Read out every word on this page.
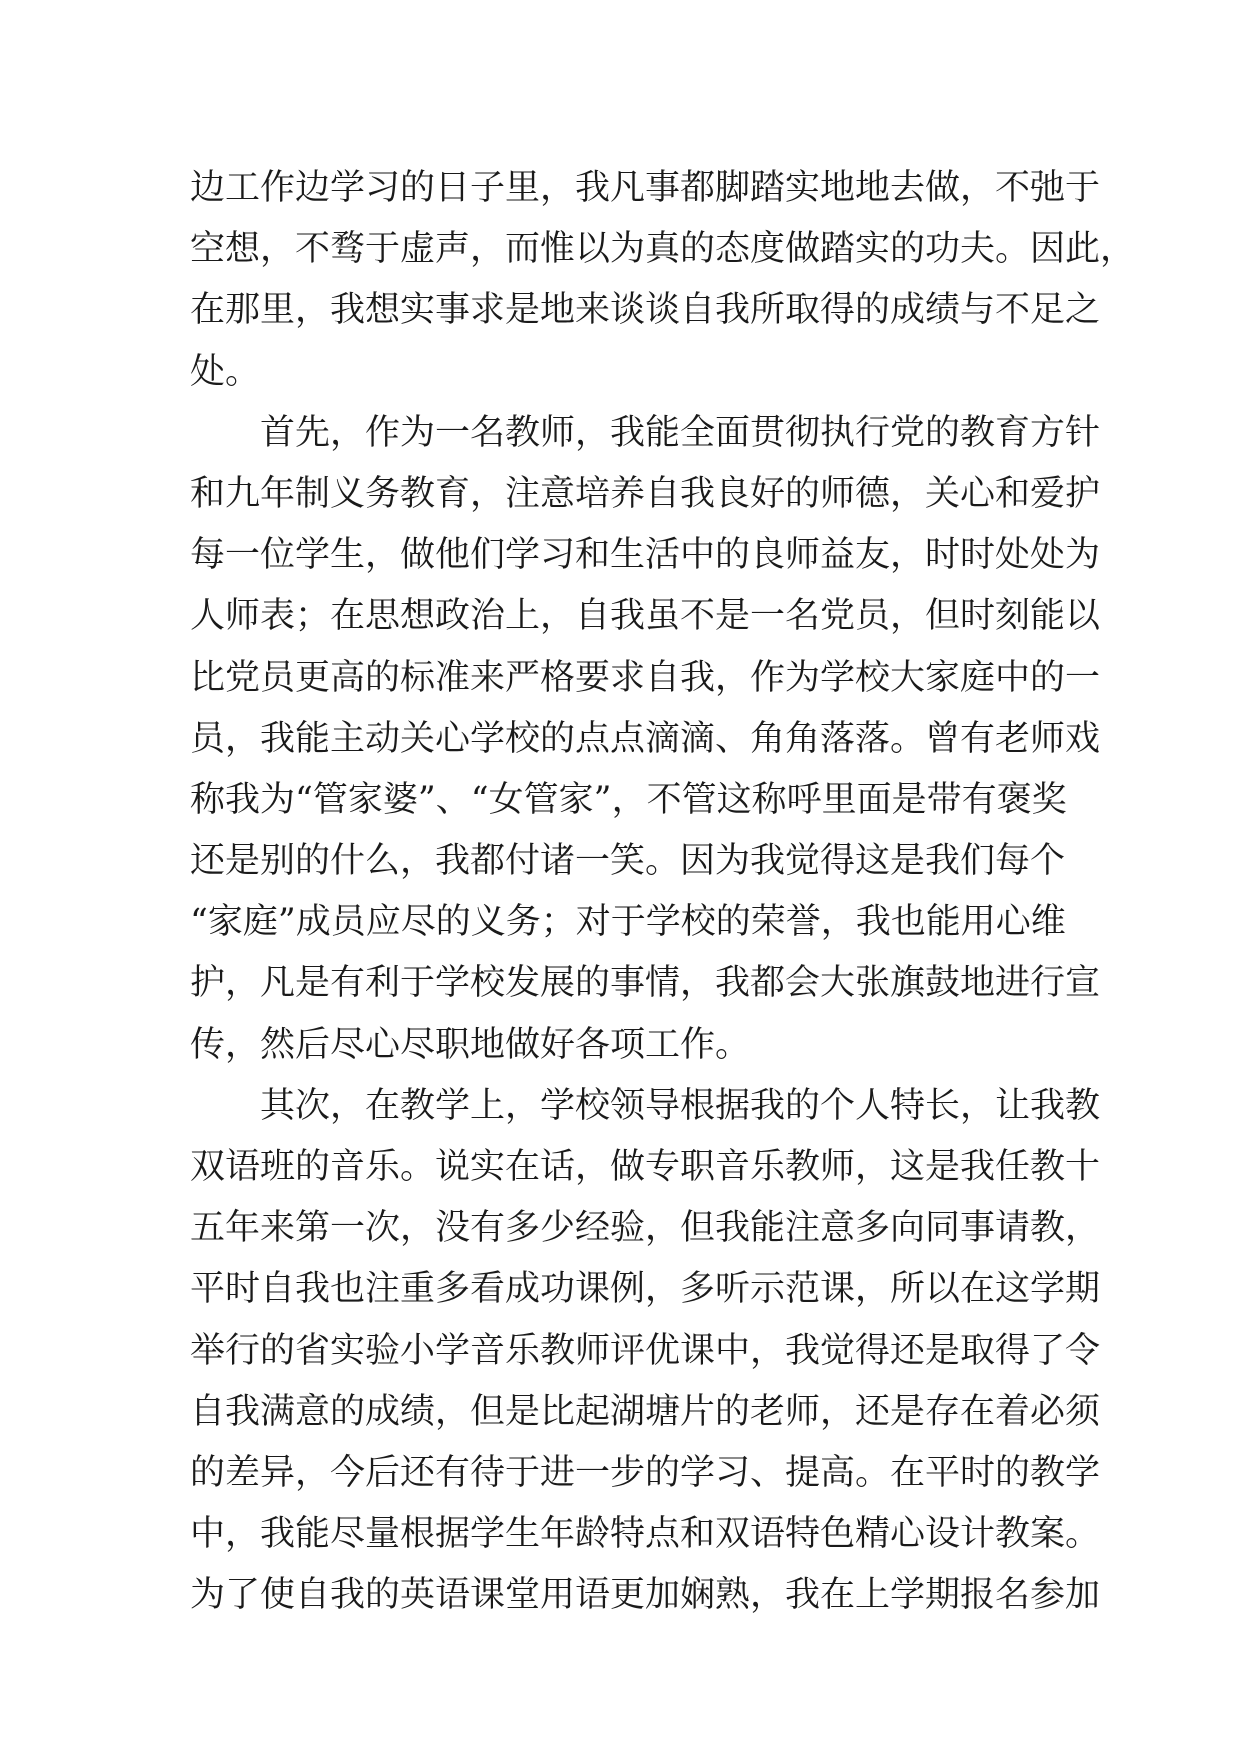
边工作边学习的日子里，我凡事都脚踏实地地去做，不弛于
空想，不骛于虚声，而惟以为真的态度做踏实的功夫。因此，
在那里，我想实事求是地来谈谈自我所取得的成绩与不足之
处。
首先，作为一名教师，我能全面贯彻执行党的教育方针
和九年制义务教育，注意培养自我良好的师德，关心和爱护
每一位学生，做他们学习和生活中的良师益友，时时处处为
人师表；在思想政治上，自我虽不是一名党员，但时刻能以
比党员更高的标准来严格要求自我，作为学校大家庭中的一
员，我能主动关心学校的点点滴滴、角角落落。曾有老师戏
称我为“管家婆”、“女管家”，不管这称呼里面是带有褒奖
还是别的什么，我都付诸一笑。因为我觉得这是我们每个
“家庭”成员应尽的义务；对于学校的荣誉，我也能用心维
护，凡是有利于学校发展的事情，我都会大张旗鼓地进行宣
传，然后尽心尽职地做好各项工作。
其次，在教学上，学校领导根据我的个人特长，让我教
双语班的音乐。说实在话，做专职音乐教师，这是我任教十
五年来第一次，没有多少经验，但我能注意多向同事请教，
平时自我也注重多看成功课例，多听示范课，所以在这学期
举行的省实验小学音乐教师评优课中，我觉得还是取得了令
自我满意的成绩，但是比起湖塘片的老师，还是存在着必须
的差异，今后还有待于进一步的学习、提高。在平时的教学
中，我能尽量根据学生年龄特点和双语特色精心设计教案。
为了使自我的英语课堂用语更加娴熟，我在上学期报名参加
